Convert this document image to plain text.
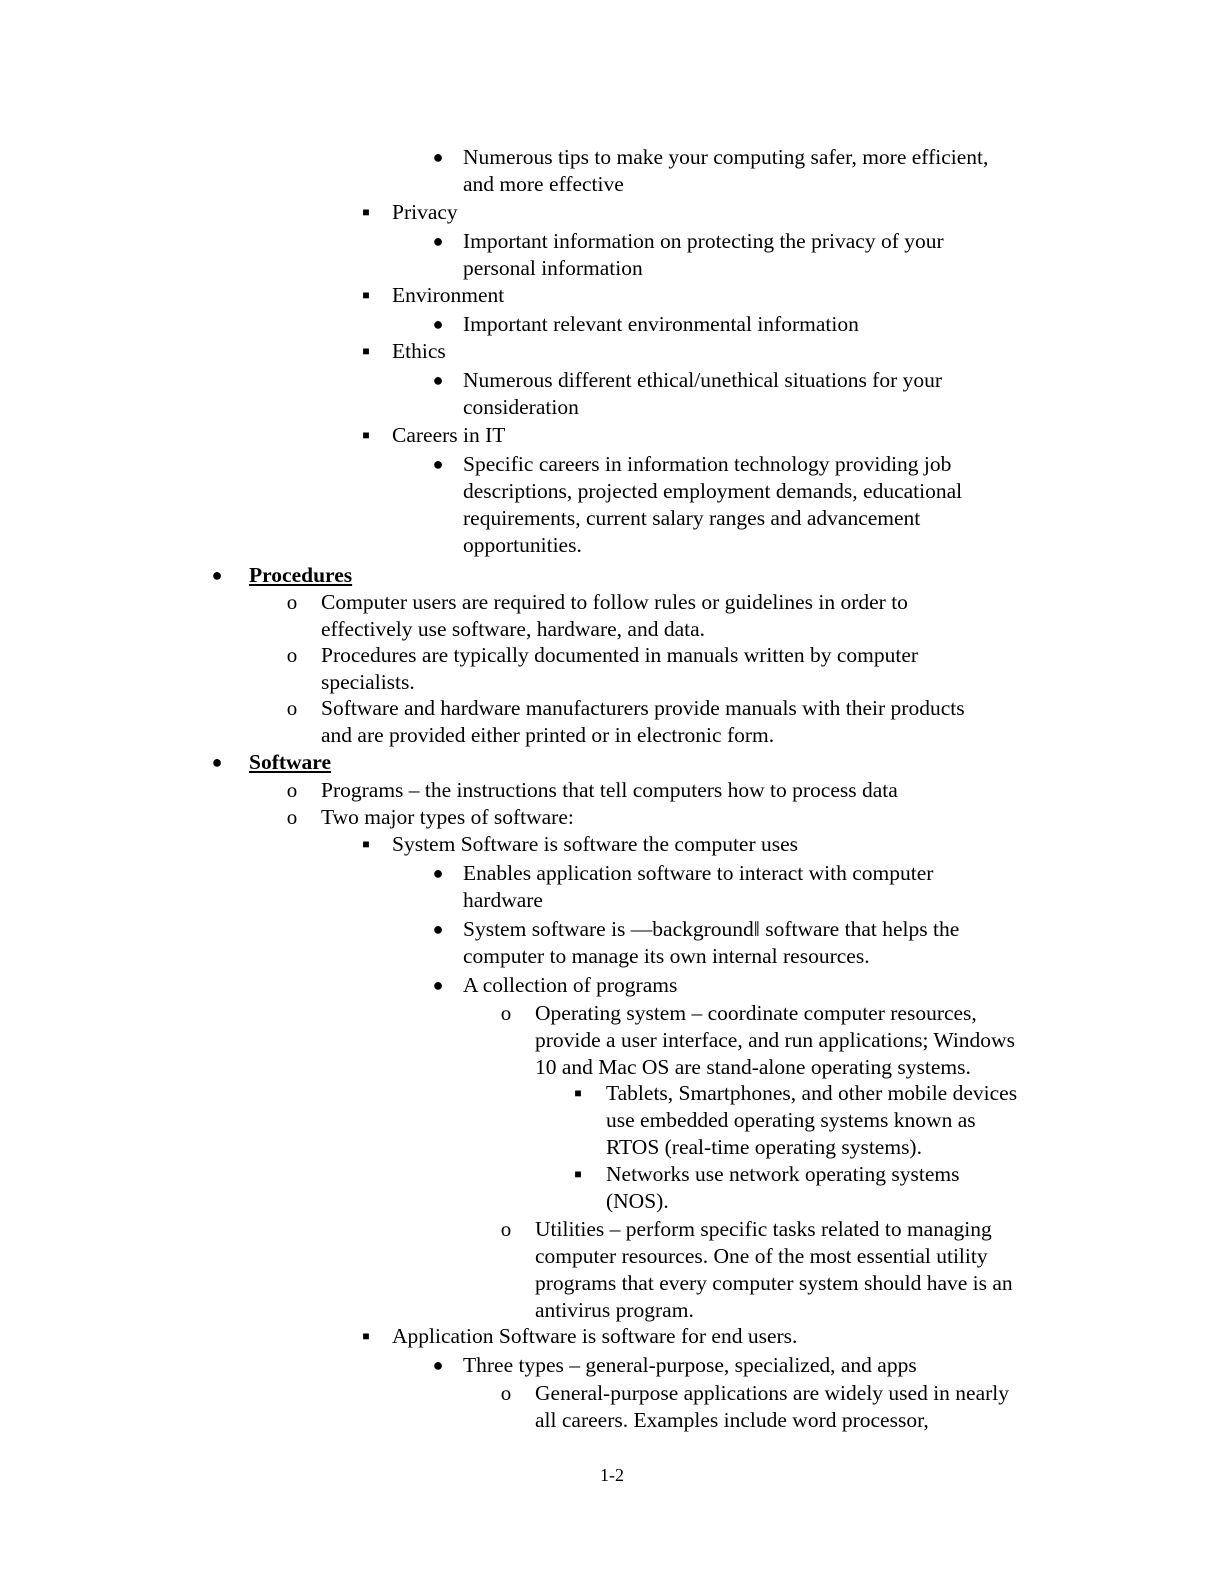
● Numerous tips to make your computing safer, more efficient,
and more effective
■	Privacy
● Important information on protecting the privacy of your
personal information
■	Environment
● Important relevant environmental information
■	Ethics
● Numerous different ethical/unethical situations for your
consideration
■	Careers in IT
● Specific careers in information technology providing job
descriptions, projected employment demands, educational
requirements, current salary ranges and advancement
opportunities.
●	Procedures
o	Computer users are required to follow rules or guidelines in order to
effectively use software, hardware, and data.
o	Procedures are typically documented in manuals written by computer
specialists.
o	Software and hardware manufacturers provide manuals with their products
and are provided either printed or in electronic form.
●	Software
o	Programs – the instructions that tell computers how to process data
o	Two major types of software:
■	System Software is software the computer uses
● Enables application software to interact with computer
hardware
● System software is ―background‖ software that helps the
computer to manage its own internal resources.
● A collection of programs
o	Operating system – coordinate computer resources,
provide a user interface, and run applications; Windows
10 and Mac OS are stand-alone operating systems.
■	Tablets, Smartphones, and other mobile devices
use embedded operating systems known as
RTOS (real-time operating systems).
■	Networks use network operating systems
(NOS).
o	Utilities – perform specific tasks related to managing
computer resources. One of the most essential utility
programs that every computer system should have is an
antivirus program.
■	Application Software is software for end users.
● Three types – general-purpose, specialized, and apps
o	General-purpose applications are widely used in nearly
all careers. Examples include word processor,
1-2
